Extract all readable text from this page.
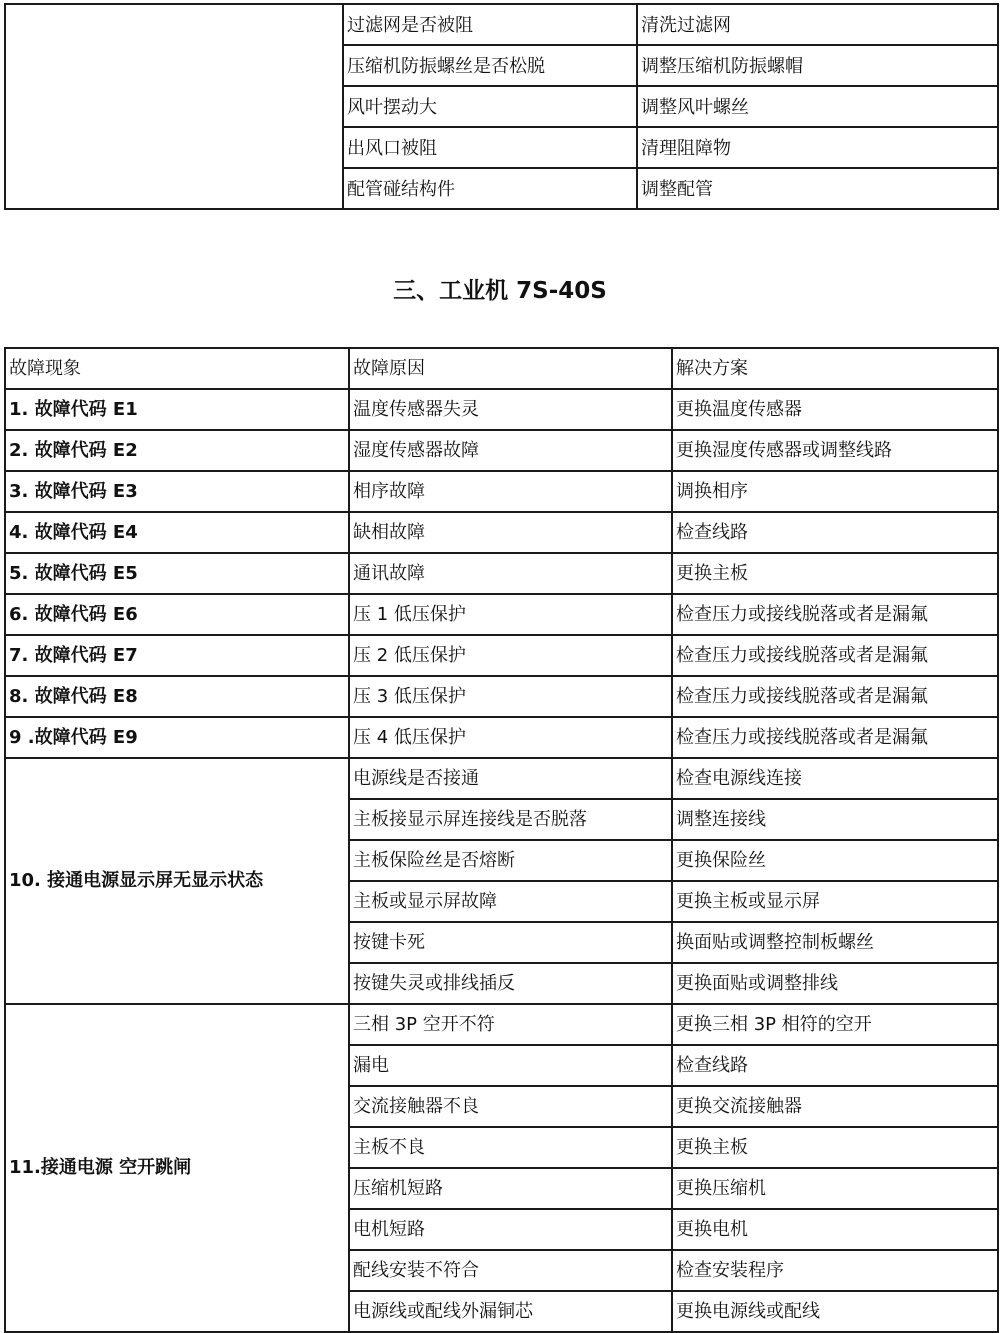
	过滤网是否被阻	清洗过滤网
	压缩机防振螺丝是否松脱	调整压缩机防振螺帽
	风叶摆动大	调整风叶螺丝
	出风口被阻	清理阻障物
	配管碰结构件	调整配管
三、工业机 7S-40S
故障现象	故障原因	解决方案
1. 故障代码 E1	温度传感器失灵	更换温度传感器
2. 故障代码 E2	湿度传感器故障	更换湿度传感器或调整线路
3. 故障代码 E3	相序故障	调换相序
4. 故障代码 E4	缺相故障	检查线路
5. 故障代码 E5	通讯故障	更换主板
6. 故障代码 E6	压 1 低压保护	检查压力或接线脱落或者是漏氟
7. 故障代码 E7	压 2 低压保护	检查压力或接线脱落或者是漏氟
8. 故障代码 E8	压 3 低压保护	检查压力或接线脱落或者是漏氟
9 .故障代码 E9	压 4 低压保护	检查压力或接线脱落或者是漏氟
10. 接通电源显示屏无显示状态	电源线是否接通	检查电源线连接
	主板接显示屏连接线是否脱落	调整连接线
	主板保险丝是否熔断	更换保险丝
	主板或显示屏故障	更换主板或显示屏
	按键卡死	换面贴或调整控制板螺丝
	按键失灵或排线插反	更换面贴或调整排线
11.接通电源 空开跳闸	三相 3P 空开不符	更换三相 3P 相符的空开
	漏电	检查线路
	交流接触器不良	更换交流接触器
	主板不良	更换主板
	压缩机短路	更换压缩机
	电机短路	更换电机
	配线安装不符合	检查安装程序
	电源线或配线外漏铜芯	更换电源线或配线
